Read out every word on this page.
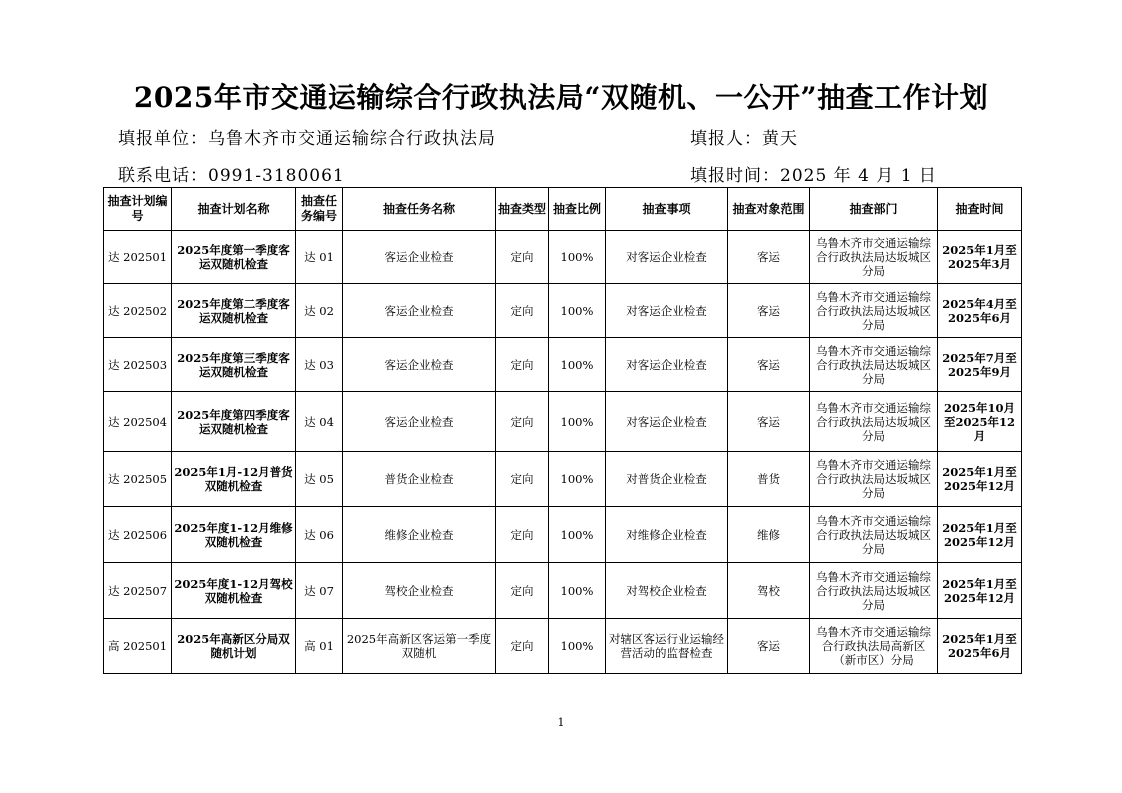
2025年市交通运输综合行政执法局“双随机、一公开”抽查工作计划
填报单位：乌鲁木齐市交通运输综合行政执法局	填报人：黄天
联系电话：0991-3180061	填报时间：2025 年 4 月 1 日
抽查计划编号	抽查计划名称	抽查任务编号	抽查任务名称	抽查类型	抽查比例	抽查事项	抽查对象范围	抽查部门	抽查时间
达 202501	2025年度第一季度客运双随机检查	达 01	客运企业检查	定向	100%	对客运企业检查	客运	乌鲁木齐市交通运输综合行政执法局达坂城区分局	2025年1月至2025年3月
达 202502	2025年度第二季度客运双随机检查	达 02	客运企业检查	定向	100%	对客运企业检查	客运	乌鲁木齐市交通运输综合行政执法局达坂城区分局	2025年4月至2025年6月
达 202503	2025年度第三季度客运双随机检查	达 03	客运企业检查	定向	100%	对客运企业检查	客运	乌鲁木齐市交通运输综合行政执法局达坂城区分局	2025年7月至2025年9月
达 202504	2025年度第四季度客运双随机检查	达 04	客运企业检查	定向	100%	对客运企业检查	客运	乌鲁木齐市交通运输综合行政执法局达坂城区分局	2025年10月至2025年12月
达 202505	2025年1月-12月普货双随机检查	达 05	普货企业检查	定向	100%	对普货企业检查	普货	乌鲁木齐市交通运输综合行政执法局达坂城区分局	2025年1月至2025年12月
达 202506	2025年度1-12月维修双随机检查	达 06	维修企业检查	定向	100%	对维修企业检查	维修	乌鲁木齐市交通运输综合行政执法局达坂城区分局	2025年1月至2025年12月
达 202507	2025年度1-12月驾校双随机检查	达 07	驾校企业检查	定向	100%	对驾校企业检查	驾校	乌鲁木齐市交通运输综合行政执法局达坂城区分局	2025年1月至2025年12月
高 202501	2025年高新区分局双随机计划	高 01	2025年高新区客运第一季度双随机	定向	100%	对辖区客运行业运输经营活动的监督检查	客运	乌鲁木齐市交通运输综合行政执法局高新区（新市区）分局	2025年1月至2025年6月
1
